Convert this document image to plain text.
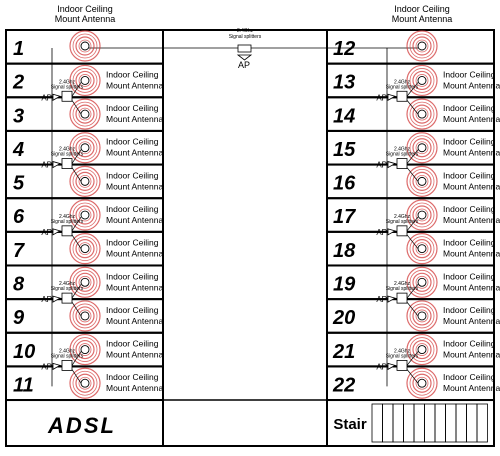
Indoor Ceiling
Mount Antenna
Indoor Ceiling
Mount Antenna
2.4Ghz
Signal splitters
AP
1
2	Indoor Ceiling
Mount Antenna
3	Indoor Ceiling
Mount Antenna
2.4Ghz
Signal splitters
AP
4	Indoor Ceiling
Mount Antenna
5	Indoor Ceiling
Mount Antenna
2.4Ghz
Signal splitters
AP
6	Indoor Ceiling
Mount Antenna
7	Indoor Ceiling
Mount Antenna
2.4Ghz
Signal splitters
AP
8	Indoor Ceiling
Mount Antenna
9	Indoor Ceiling
Mount Antenna
2.4Ghz
Signal splitters
AP
10	Indoor Ceiling
Mount Antenna
11	Indoor Ceiling
Mount Antenna
2.4Ghz
Signal splitters
AP
12
13	Indoor Ceiling
Mount Antenna
14	Indoor Ceiling
Mount Antenna
2.4Ghz
Signal splitters
AP
15	Indoor Ceiling
Mount Antenna
16	Indoor Ceiling
Mount Antenna
2.4Ghz
Signal splitters
AP
17	Indoor Ceiling
Mount Antenna
18	Indoor Ceiling
Mount Antenna
2.4Ghz
Signal splitters
AP
19	Indoor Ceiling
Mount Antenna
20	Indoor Ceiling
Mount Antenna
2.4Ghz
Signal splitters
AP
21	Indoor Ceiling
Mount Antenna
22	Indoor Ceiling
Mount Antenna
2.4Ghz
Signal splitters
AP
ADSL	Stair
